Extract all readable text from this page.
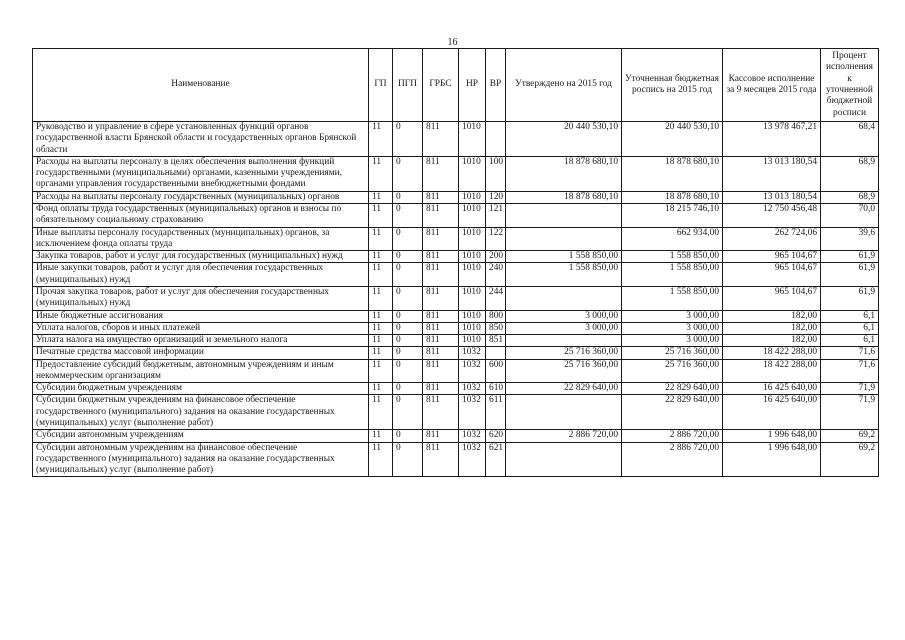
16
Наименование	ГП	ПГП	ГРБС	НР	ВР	Утверждено на 2015 год	Уточненная бюджетная роспись на 2015 год	Кассовое исполнение за 9 месяцев 2015 года	Процент исполнения к уточненной бюджетной росписи
Руководство и управление в сфере установленных функций органов государственной власти Брянской области и государственных органов Брянской области	11	0	811	1010		20 440 530,10	20 440 530,10	13 978 467,21	68,4
Расходы на выплаты персоналу в целях обеспечения выполнения функций государственными (муниципальными) органами, казенными учреждениями, органами управления государственными внебюджетными фондами	11	0	811	1010	100	18 878 680,10	18 878 680,10	13 013 180,54	68,9
Расходы на выплаты персоналу государственных (муниципальных) органов	11	0	811	1010	120	18 878 680,10	18 878 680,10	13 013 180,54	68,9
Фонд оплаты труда государственных (муниципальных) органов и взносы по обязательному социальному страхованию	11	0	811	1010	121		18 215 746,10	12 750 456,48	70,0
Иные выплаты персоналу государственных (муниципальных) органов, за исключением фонда оплаты труда	11	0	811	1010	122		662 934,00	262 724,06	39,6
Закупка товаров, работ и услуг для государственных (муниципальных) нужд	11	0	811	1010	200	1 558 850,00	1 558 850,00	965 104,67	61,9
Иные закупки товаров, работ и услуг для обеспечения государственных (муниципальных) нужд	11	0	811	1010	240	1 558 850,00	1 558 850,00	965 104,67	61,9
Прочая закупка товаров, работ и услуг для обеспечения государственных (муниципальных) нужд	11	0	811	1010	244		1 558 850,00	965 104,67	61,9
Иные бюджетные ассигнования	11	0	811	1010	800	3 000,00	3 000,00	182,00	6,1
Уплата налогов, сборов и иных платежей	11	0	811	1010	850	3 000,00	3 000,00	182,00	6,1
Уплата налога на имущество организаций и земельного налога	11	0	811	1010	851		3 000,00	182,00	6,1
Печатные средства массовой информации	11	0	811	1032		25 716 360,00	25 716 360,00	18 422 288,00	71,6
Предоставление субсидий бюджетным, автономным учреждениям и иным некоммерческим организациям	11	0	811	1032	600	25 716 360,00	25 716 360,00	18 422 288,00	71,6
Субсидии бюджетным учреждениям	11	0	811	1032	610	22 829 640,00	22 829 640,00	16 425 640,00	71,9
Субсидии бюджетным учреждениям на финансовое обеспечение государственного (муниципального) задания на оказание государственных (муниципальных) услуг (выполнение работ)	11	0	811	1032	611		22 829 640,00	16 425 640,00	71,9
Субсидии автономным учреждениям	11	0	811	1032	620	2 886 720,00	2 886 720,00	1 996 648,00	69,2
Субсидии автономным учреждениям на финансовое обеспечение государственного (муниципального) задания на оказание государственных (муниципальных) услуг (выполнение работ)	11	0	811	1032	621		2 886 720,00	1 996 648,00	69,2
